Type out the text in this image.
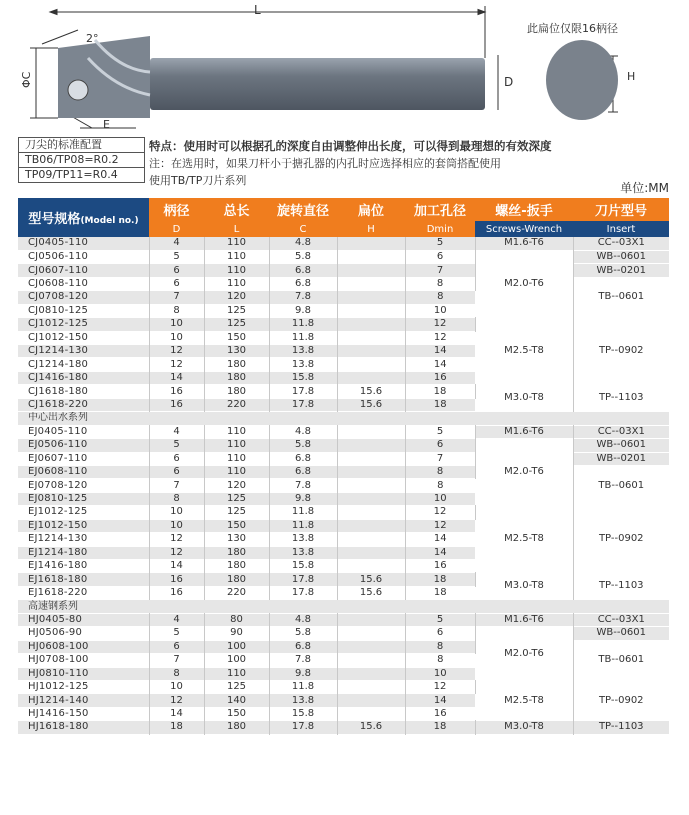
L
2°
ΦC	D
E
H
此扁位仅限16柄径
刀尖的标准配置
TB06/TP08=R0.2
TP09/TP11=R0.4
特点：使用时可以根据孔的深度自由调整伸出长度，可以得到最理想的有效深度
注：在选用时，如果刀杆小于搪孔器的内孔时应选择相应的套筒搭配使用
使用TB/TP刀片系列
单位:MM
型号规格(Model no.)	柄径	总长	旋转直径	扁位	加工孔径	螺丝-扳手	刀片型号
	D	L	C	H	Dmin	Screws-Wrench	Insert
CJ0405-110	4	110	4.8		5	M1.6-T6	CC--03X1
CJ0506-110	5	110	5.8		6	M2.0-T6	WB--0601
CJ0607-110	6	110	6.8		7		WB--0201
CJ0608-110	6	110	6.8		8		TB--0601
CJ0708-120	7	120	7.8		8		
CJ0810-125	8	125	9.8		10		
CJ1012-125	10	125	11.8		12	M2.5-T8	TP--0902
CJ1012-150	10	150	11.8		12		
CJ1214-130	12	130	13.8		14		
CJ1214-180	12	180	13.8		14		
CJ1416-180	14	180	15.8		16		
CJ1618-180	16	180	17.8	15.6	18	M3.0-T8	TP--1103
CJ1618-220	16	220	17.8	15.6	18		
中心出水系列							
EJ0405-110	4	110	4.8		5	M1.6-T6	CC--03X1
EJ0506-110	5	110	5.8		6	M2.0-T6	WB--0601
EJ0607-110	6	110	6.8		7		WB--0201
EJ0608-110	6	110	6.8		8		TB--0601
EJ0708-120	7	120	7.8		8		
EJ0810-125	8	125	9.8		10		
EJ1012-125	10	125	11.8		12	M2.5-T8	TP--0902
EJ1012-150	10	150	11.8		12		
EJ1214-130	12	130	13.8		14		
EJ1214-180	12	180	13.8		14		
EJ1416-180	14	180	15.8		16		
EJ1618-180	16	180	17.8	15.6	18	M3.0-T8	TP--1103
EJ1618-220	16	220	17.8	15.6	18		
高速钢系列							
HJ0405-80	4	80	4.8		5	M1.6-T6	CC--03X1
HJ0506-90	5	90	5.8		6	M2.0-T6	WB--0601
HJ0608-100	6	100	6.8		8		TB--0601
HJ0708-100	7	100	7.8		8		
HJ0810-110	8	110	9.8		10		
HJ1012-125	10	125	11.8		12	M2.5-T8	TP--0902
HJ1214-140	12	140	13.8		14		
HJ1416-150	14	150	15.8		16		
HJ1618-180	18	180	17.8	15.6	18	M3.0-T8	TP--1103
